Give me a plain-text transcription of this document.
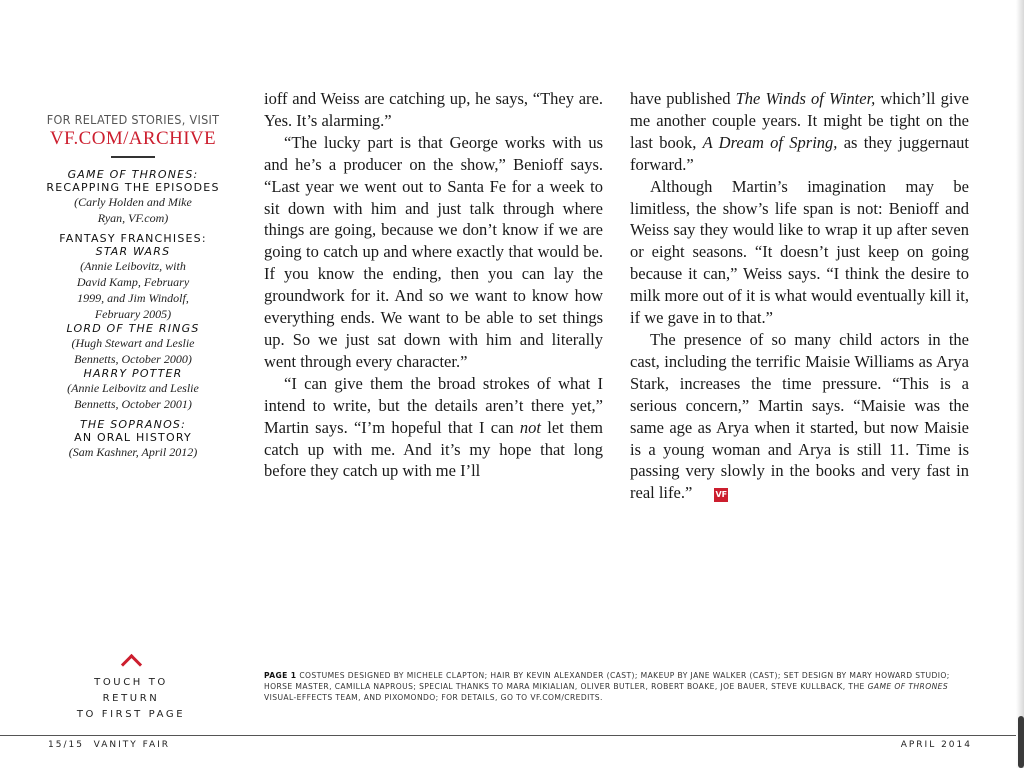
FOR RELATED STORIES, VISIT
VF.COM/ARCHIVE
GAME OF THRONES:
RECAPPING THE EPISODES
(Carly Holden and Mike Ryan, VF.com)
FANTASY FRANCHISES:
STAR WARS
(Annie Leibovitz, with David Kamp, February 1999, and Jim Windolf, February 2005)
LORD OF THE RINGS
(Hugh Stewart and Leslie Bennetts, October 2000)
HARRY POTTER
(Annie Leibovitz and Leslie Bennetts, October 2001)
THE SOPRANOS:
AN ORAL HISTORY
(Sam Kashner, April 2012)

ioff and Weiss are catching up, he says, “They are. Yes. It’s alarming.”

“The lucky part is that George works with us and he’s a producer on the show,” Benioff says. “Last year we went out to Santa Fe for a week to sit down with him and just talk through where things are going, because we don’t know if we are going to catch up and where exactly that would be. If you know the ending, then you can lay the groundwork for it. And so we want to know how everything ends. We want to be able to set things up. So we just sat down with him and literally went through every character.”

“I can give them the broad strokes of what I intend to write, but the details aren’t there yet,” Martin says. “I’m hopeful that I can not let them catch up with me. And it’s my hope that long before they catch up with me I’ll

have published The Winds of Winter, which’ll give me another couple years. It might be tight on the last book, A Dream of Spring, as they juggernaut forward.”

Although Martin’s imagination may be limitless, the show’s life span is not: Benioff and Weiss say they would like to wrap it up after seven or eight seasons. “It doesn’t just keep on going because it can,” Weiss says. “I think the desire to milk more out of it is what would eventually kill it, if we gave in to that.”

The presence of so many child actors in the cast, including the terrific Maisie Williams as Arya Stark, increases the time pressure. “This is a serious concern,” Martin says. “Maisie was the same age as Arya when it started, but now Maisie is a young woman and Arya is still 11. Time is passing very slowly in the books and very fast in real life.”	VF

TOUCH TO RETURN
TO FIRST PAGE
PAGE 1 COSTUMES DESIGNED BY MICHELE CLAPTON; HAIR BY KEVIN ALEXANDER (CAST); MAKEUP BY JANE WALKER (CAST); SET DESIGN BY MARY HOWARD STUDIO; HORSE MASTER, CAMILLA NAPROUS; SPECIAL THANKS TO MARA MIKIALIAN, OLIVER BUTLER, ROBERT BOAKE, JOE BAUER, STEVE KULLBACK, THE GAME OF THRONES VISUAL-EFFECTS TEAM, AND PIXOMONDO; FOR DETAILS, GO TO VF.COM/CREDITS.
15/15  VANITY FAIR	APRIL 2014
